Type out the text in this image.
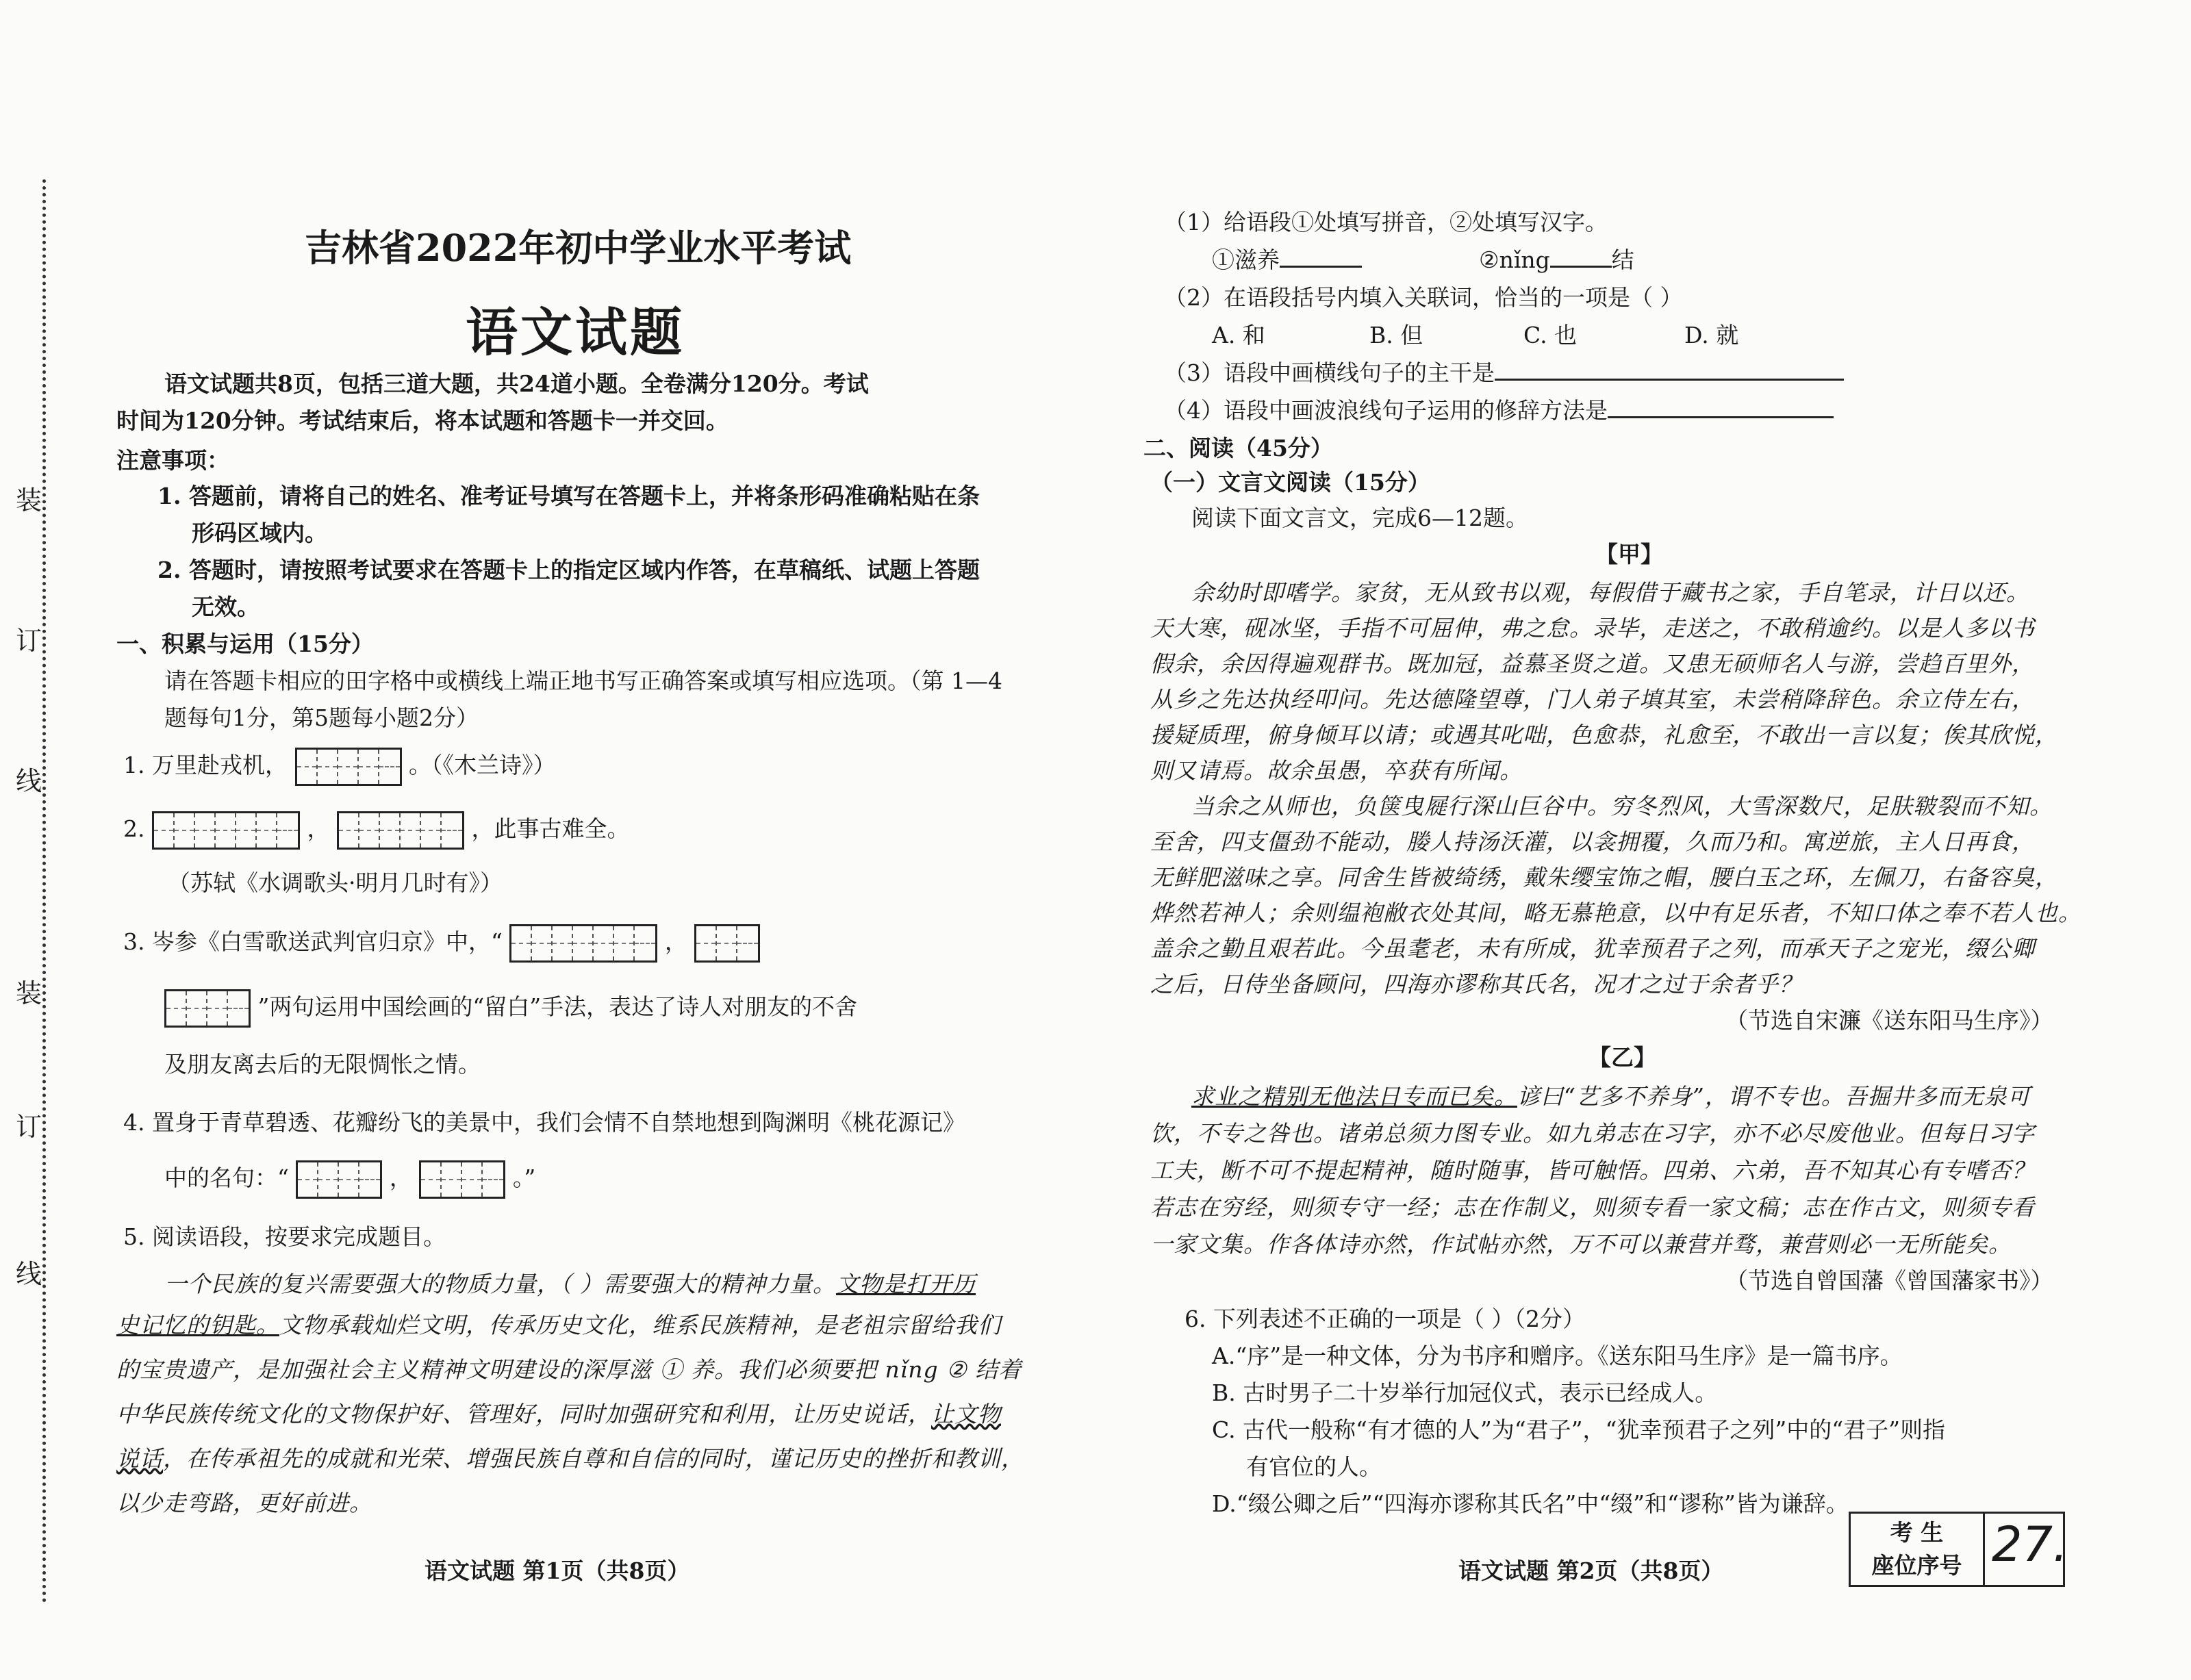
装
订
线
装
订
线
吉林省2022年初中学业水平考试
语文试题
语文试题共8页，包括三道大题，共24道小题。全卷满分120分。考试
时间为120分钟。考试结束后，将本试题和答题卡一并交回。
注意事项：
1. 答题前，请将自己的姓名、准考证号填写在答题卡上，并将条形码准确粘贴在条
形码区域内。
2. 答题时，请按照考试要求在答题卡上的指定区域内作答，在草稿纸、试题上答题
无效。
一、积累与运用（15分）
请在答题卡相应的田字格中或横线上端正地书写正确答案或填写相应选项。（第 1—4
题每句1分，第5题每小题2分）
1. 万里赴戎机，	。（《木兰诗》）
2.	，	，此事古难全。
（苏轼《水调歌头·明月几时有》）
3. 岑参《白雪歌送武判官归京》中，“	，
”两句运用中国绘画的“留白”手法，表达了诗人对朋友的不舍
及朋友离去后的无限惆怅之情。
4. 置身于青草碧透、花瓣纷飞的美景中，我们会情不自禁地想到陶渊明《桃花源记》
中的名句：“	，	。”
5. 阅读语段，按要求完成题目。
一个民族的复兴需要强大的物质力量，（ ）需要强大的精神力量。文物是打开历
史记忆的钥匙。文物承载灿烂文明，传承历史文化，维系民族精神，是老祖宗留给我们
的宝贵遗产，是加强社会主义精神文明建设的深厚滋 ① 养。我们必须要把 nǐng ② 结着
中华民族传统文化的文物保护好、管理好，同时加强研究和利用，让历史说话，让文物
说话，在传承祖先的成就和光荣、增强民族自尊和自信的同时，谨记历史的挫折和教训，
以少走弯路，更好前进。
语文试题 第1页（共8页）
（1）给语段①处填写拼音，②处填写汉字。
①滋养	②nǐng	结
（2）在语段括号内填入关联词，恰当的一项是（ ）
A. 和	B. 但	C. 也	D. 就
（3）语段中画横线句子的主干是
（4）语段中画波浪线句子运用的修辞方法是
二、阅读（45分）
（一）文言文阅读（15分）
阅读下面文言文，完成6—12题。
【甲】
余幼时即嗜学。家贫，无从致书以观，每假借于藏书之家，手自笔录，计日以还。
天大寒，砚冰坚，手指不可屈伸，弗之怠。录毕，走送之，不敢稍逾约。以是人多以书
假余，余因得遍观群书。既加冠，益慕圣贤之道。又患无硕师名人与游，尝趋百里外，
从乡之先达执经叩问。先达德隆望尊，门人弟子填其室，未尝稍降辞色。余立侍左右，
援疑质理，俯身倾耳以请；或遇其叱咄，色愈恭，礼愈至，不敢出一言以复；俟其欣悦，
则又请焉。故余虽愚，卒获有所闻。
当余之从师也，负箧曳屣行深山巨谷中。穷冬烈风，大雪深数尺，足肤皲裂而不知。
至舍，四支僵劲不能动，媵人持汤沃灌，以衾拥覆，久而乃和。寓逆旅，主人日再食，
无鲜肥滋味之享。同舍生皆被绮绣，戴朱缨宝饰之帽，腰白玉之环，左佩刀，右备容臭，
烨然若神人；余则缊袍敝衣处其间，略无慕艳意，以中有足乐者，不知口体之奉不若人也。
盖余之勤且艰若此。今虽耄老，未有所成，犹幸预君子之列，而承天子之宠光，缀公卿
之后，日侍坐备顾问，四海亦谬称其氏名，况才之过于余者乎？
（节选自宋濂《送东阳马生序》）
【乙】
求业之精别无他法日专而已矣。谚曰“艺多不养身”，谓不专也。吾掘井多而无泉可
饮，不专之咎也。诸弟总须力图专业。如九弟志在习字，亦不必尽废他业。但每日习字
工夫，断不可不提起精神，随时随事，皆可触悟。四弟、六弟，吾不知其心有专嗜否？
若志在穷经，则须专守一经；志在作制义，则须专看一家文稿；志在作古文，则须专看
一家文集。作各体诗亦然，作试帖亦然，万不可以兼营并骛，兼营则必一无所能矣。
（节选自曾国藩《曾国藩家书》）
6. 下列表述不正确的一项是（ ）（2分）
A.“序”是一种文体，分为书序和赠序。《送东阳马生序》是一篇书序。
B. 古时男子二十岁举行加冠仪式，表示已经成人。
C. 古代一般称“有才德的人”为“君子”，“犹幸预君子之列”中的“君子”则指
有官位的人。
D.“缀公卿之后”“四海亦谬称其氏名”中“缀”和“谬称”皆为谦辞。
语文试题 第2页（共8页）
考 生
座位序号 27.
